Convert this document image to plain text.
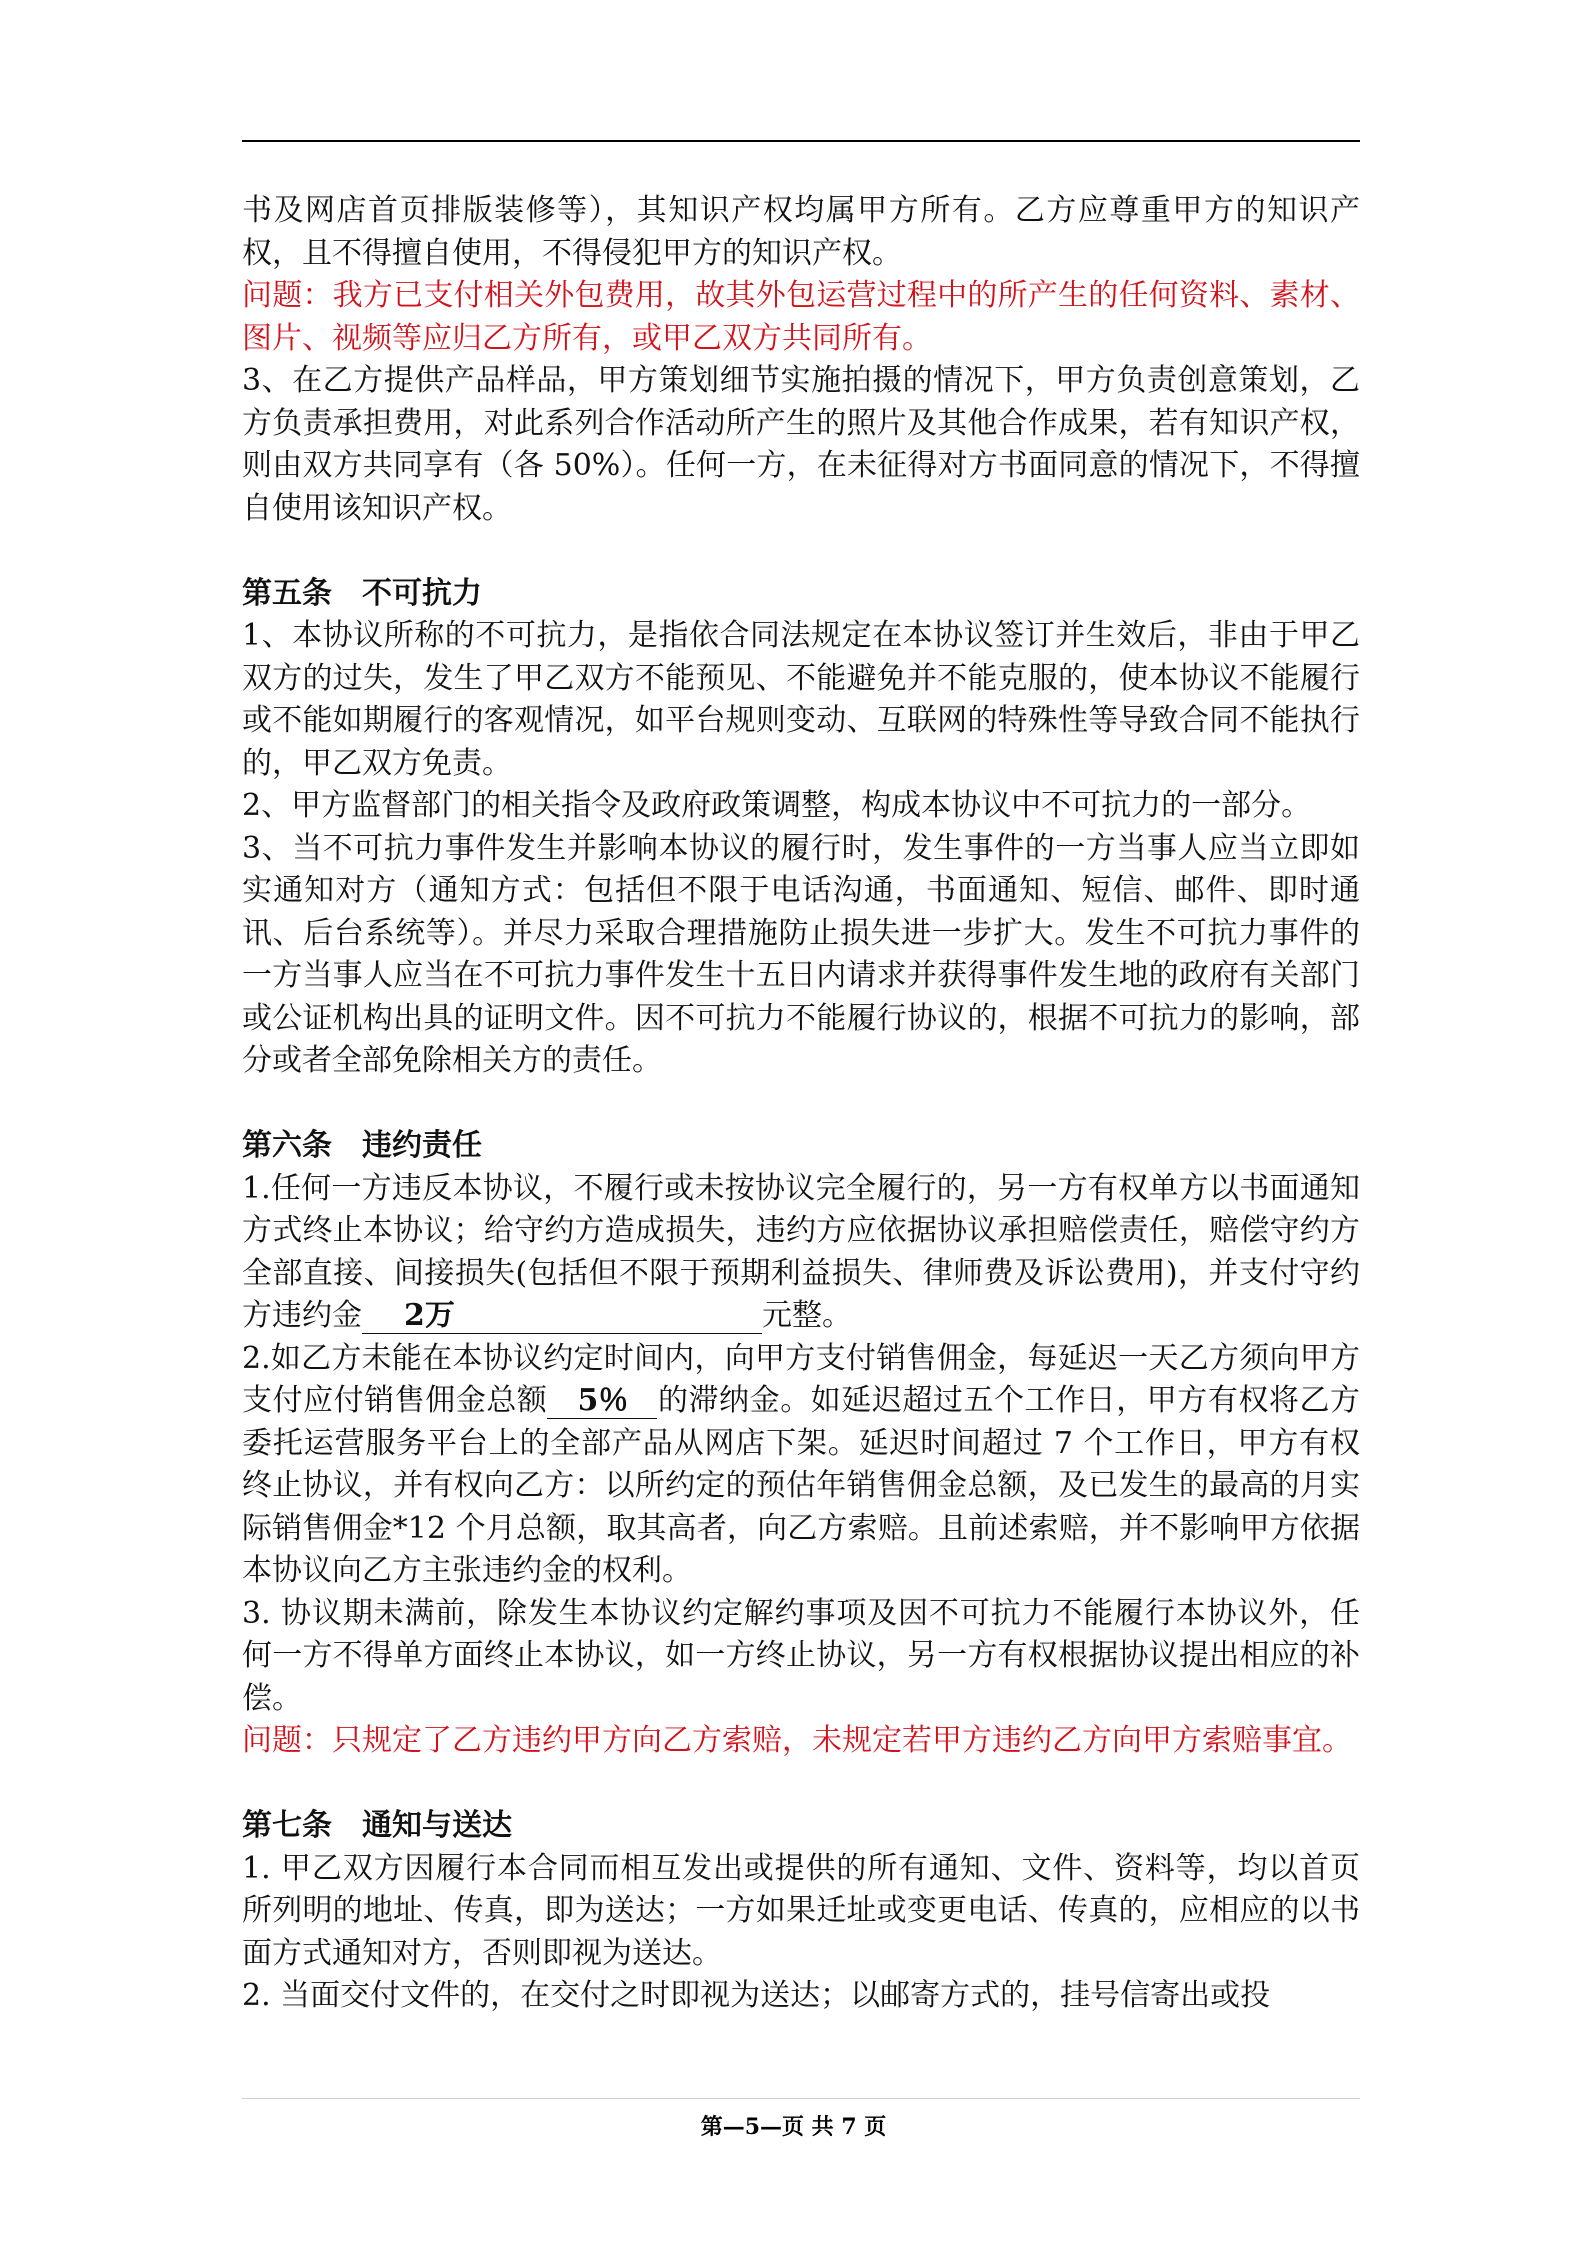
书及网店首页排版装修等），其知识产权均属甲方所有。乙方应尊重甲方的知识产权，且不得擅自使用，不得侵犯甲方的知识产权。

问题：我方已支付相关外包费用，故其外包运营过程中的所产生的任何资料、素材、图片、视频等应归乙方所有，或甲乙双方共同所有。

3、在乙方提供产品样品，甲方策划细节实施拍摄的情况下，甲方负责创意策划，乙方负责承担费用，对此系列合作活动所产生的照片及其他合作成果，若有知识产权，则由双方共同享有（各 50%）。任何一方，在未征得对方书面同意的情况下，不得擅自使用该知识产权。

第五条 不可抗力

1、本协议所称的不可抗力，是指依合同法规定在本协议签订并生效后，非由于甲乙双方的过失，发生了甲乙双方不能预见、不能避免并不能克服的，使本协议不能履行或不能如期履行的客观情况，如平台规则变动、互联网的特殊性等导致合同不能执行的，甲乙双方免责。

2、甲方监督部门的相关指令及政府政策调整，构成本协议中不可抗力的一部分。

3、当不可抗力事件发生并影响本协议的履行时，发生事件的一方当事人应当立即如实通知对方（通知方式：包括但不限于电话沟通，书面通知、短信、邮件、即时通讯、后台系统等）。并尽力采取合理措施防止损失进一步扩大。发生不可抗力事件的一方当事人应当在不可抗力事件发生十五日内请求并获得事件发生地的政府有关部门或公证机构出具的证明文件。因不可抗力不能履行协议的，根据不可抗力的影响，部分或者全部免除相关方的责任。

第六条 违约责任

1.任何一方违反本协议，不履行或未按协议完全履行的，另一方有权单方以书面通知方式终止本协议；给守约方造成损失，违约方应依据协议承担赔偿责任，赔偿守约方全部直接、间接损失(包括但不限于预期利益损失、律师费及诉讼费用)，并支付守约方违约金 2万	元整。

2.如乙方未能在本协议约定时间内，向甲方支付销售佣金，每延迟一天乙方须向甲方支付应付销售佣金总额 5％ 的滞纳金。如延迟超过五个工作日，甲方有权将乙方委托运营服务平台上的全部产品从网店下架。延迟时间超过 7 个工作日，甲方有权终止协议，并有权向乙方：以所约定的预估年销售佣金总额，及已发生的最高的月实际销售佣金*12 个月总额，取其高者，向乙方索赔。且前述索赔，并不影响甲方依据本协议向乙方主张违约金的权利。

3. 协议期未满前，除发生本协议约定解约事项及因不可抗力不能履行本协议外，任何一方不得单方面终止本协议，如一方终止协议，另一方有权根据协议提出相应的补偿。

问题：只规定了乙方违约甲方向乙方索赔，未规定若甲方违约乙方向甲方索赔事宜。

第七条 通知与送达

1. 甲乙双方因履行本合同而相互发出或提供的所有通知、文件、资料等，均以首页所列明的地址、传真，即为送达；一方如果迁址或变更电话、传真的，应相应的以书面方式通知对方，否则即视为送达。

2. 当面交付文件的，在交付之时即视为送达；以邮寄方式的，挂号信寄出或投

第—5—页 共 7 页
